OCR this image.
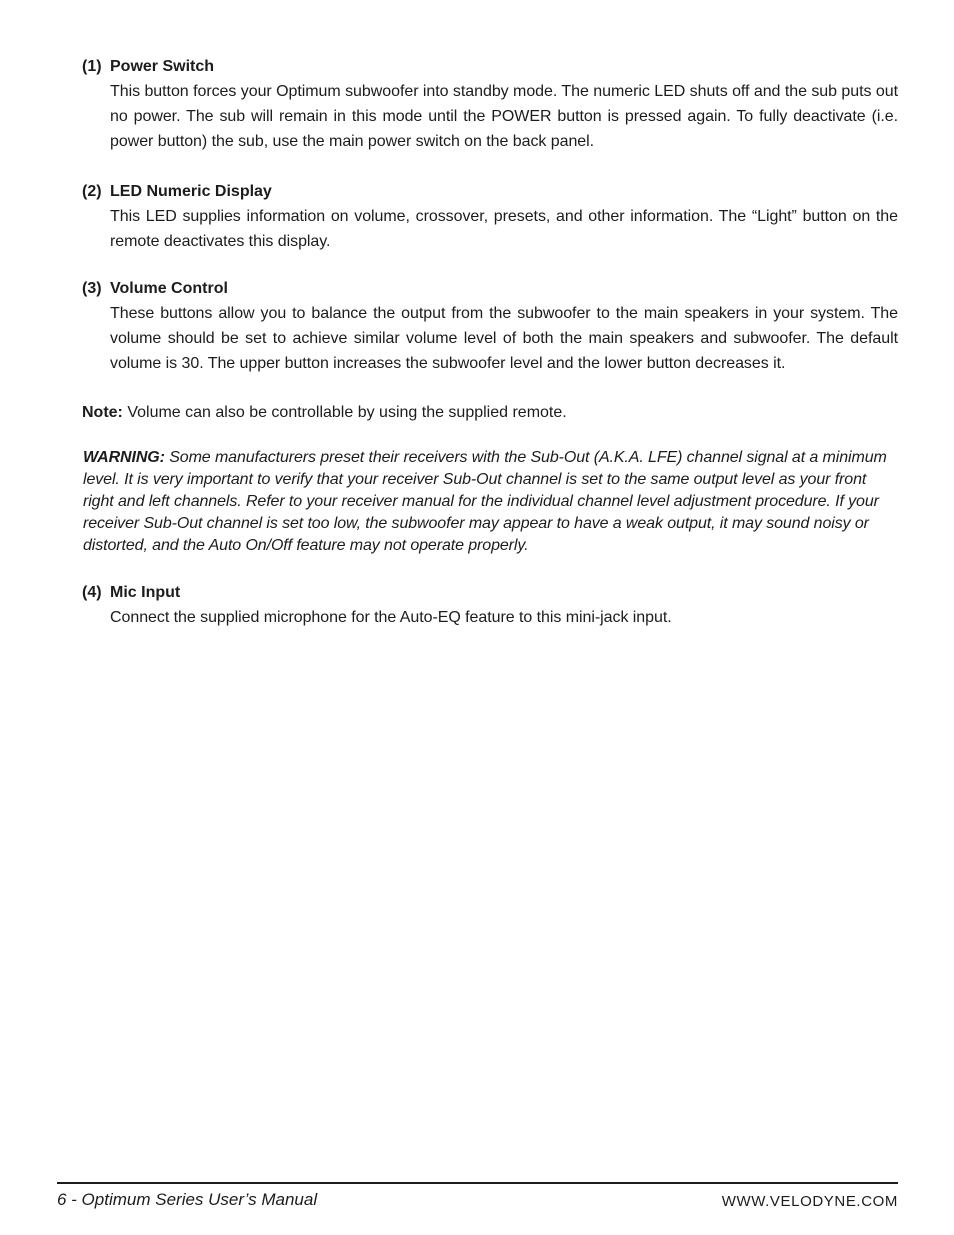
(1) Power Switch
This button forces your Optimum subwoofer into standby mode. The numeric LED shuts off and the sub puts out no power. The sub will remain in this mode until the POWER button is pressed again. To fully deactivate (i.e. power button) the sub, use the main power switch on the back panel.
(2) LED Numeric Display
This LED supplies information on volume, crossover, presets, and other information. The “Light” button on the remote deactivates this display.
(3) Volume Control
These buttons allow you to balance the output from the subwoofer to the main speakers in your system. The volume should be set to achieve similar volume level of both the main speakers and subwoofer. The default volume is 30. The upper button increases the subwoofer level and the lower button decreases it.
Note: Volume can also be controllable by using the supplied remote.
WARNING: Some manufacturers preset their receivers with the Sub-Out (A.K.A. LFE) channel signal at a minimum level. It is very important to verify that your receiver Sub-Out channel is set to the same output level as your front right and left channels. Refer to your receiver manual for the individual channel level adjustment procedure. If your receiver Sub-Out channel is set too low, the subwoofer may appear to have a weak output, it may sound noisy or distorted, and the Auto On/Off feature may not operate properly.
(4) Mic Input
Connect the supplied microphone for the Auto-EQ feature to this mini-jack input.
6 - Optimum Series User’s Manual	WWW.VELODYNE.COM
